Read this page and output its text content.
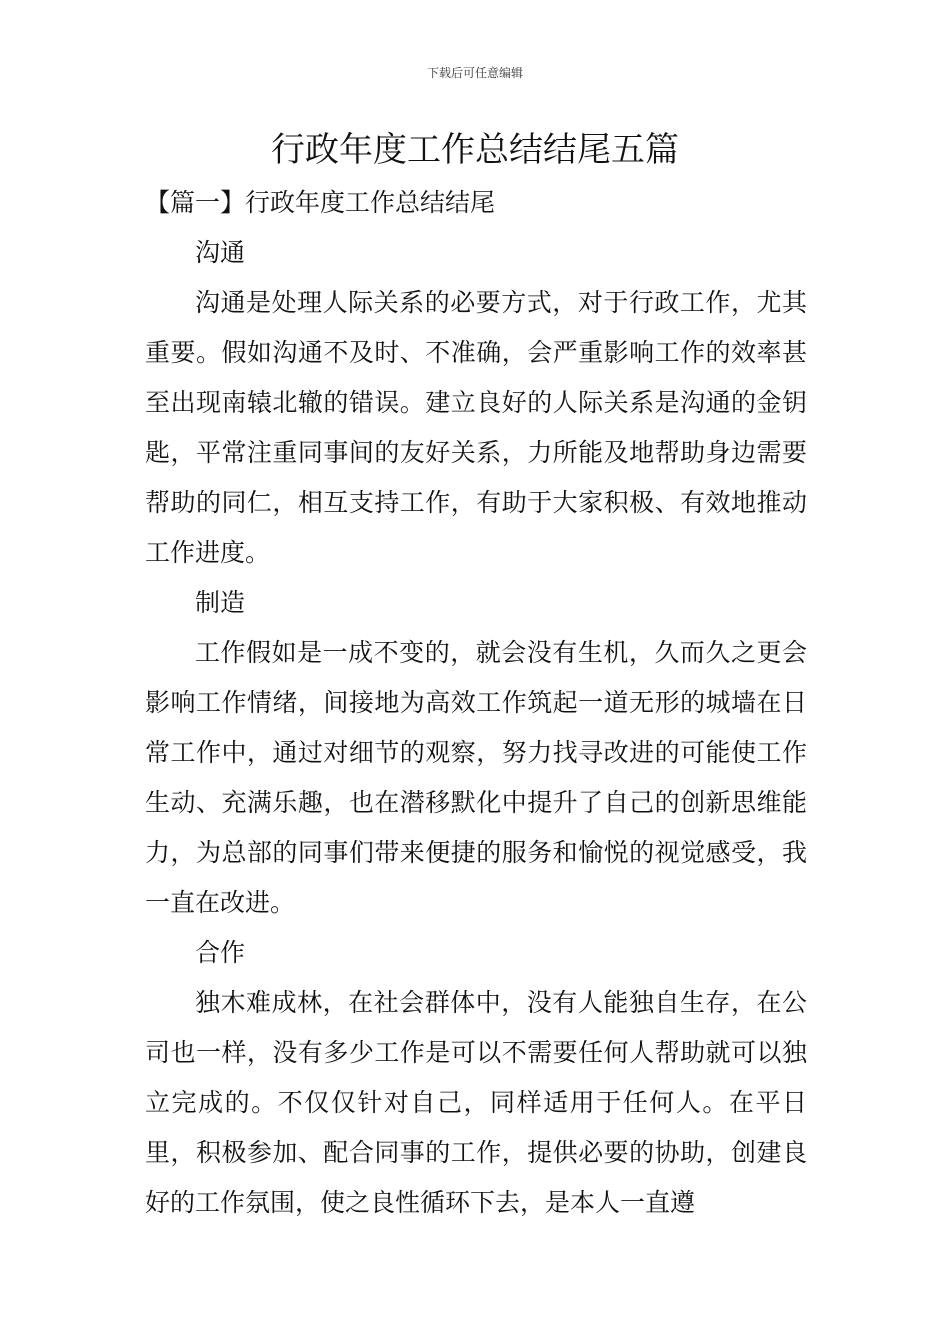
下载后可任意编辑
行政年度工作总结结尾五篇

【篇一】行政年度工作总结结尾

沟通

沟通是处理人际关系的必要方式，对于行政工作，尤其重要。假如沟通不及时、不准确，会严重影响工作的效率甚至出现南辕北辙的错误。建立良好的人际关系是沟通的金钥匙，平常注重同事间的友好关系，力所能及地帮助身边需要帮助的同仁，相互支持工作，有助于大家积极、有效地推动工作进度。

制造

工作假如是一成不变的，就会没有生机，久而久之更会影响工作情绪，间接地为高效工作筑起一道无形的城墙在日常工作中，通过对细节的观察，努力找寻改进的可能使工作生动、充满乐趣，也在潜移默化中提升了自己的创新思维能力，为总部的同事们带来便捷的服务和愉悦的视觉感受，我一直在改进。

合作

独木难成林，在社会群体中，没有人能独自生存，在公司也一样，没有多少工作是可以不需要任何人帮助就可以独立完成的。不仅仅针对自己，同样适用于任何人。在平日里，积极参加、配合同事的工作，提供必要的协助，创建良好的工作氛围，使之良性循环下去，是本人一直遵
